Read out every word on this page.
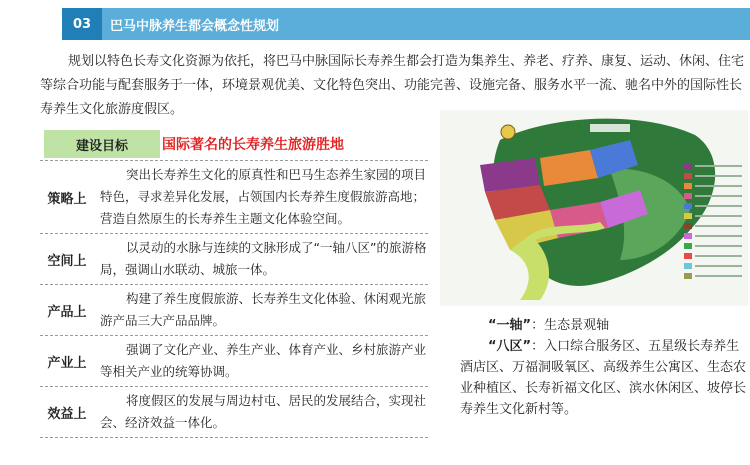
03	巴马中脉养生都会概念性规划

规划以特色长寿文化资源为依托，将巴马中脉国际长寿养生都会打造为集养生、养老、疗养、康复、运动、休闲、住宅等综合功能与配套服务于一体，环境景观优美、文化特色突出、功能完善、设施完备、服务水平一流、驰名中外的国际性长寿养生文化旅游度假区。

建设目标	国际著名的长寿养生旅游胜地
策略上
突出长寿养生文化的原真性和巴马生态养生家园的项目特色，寻求差异化发展，占领国内长寿养生度假旅游高地；营造自然原生的长寿养生主题文化体验空间。
空间上
以灵动的水脉与连续的文脉形成了“一轴八区”的旅游格局，强调山水联动、城旅一体。
产品上
构建了养生度假旅游、长寿养生文化体验、休闲观光旅游产品三大产品品牌。
产业上
强调了文化产业、养生产业、体育产业、乡村旅游产业等相关产业的统筹协调。
效益上
将度假区的发展与周边村屯、居民的发展结合，实现社会、经济效益一体化。

“一轴”：生态景观轴

“八区”：入口综合服务区、五星级长寿养生酒店区、万福洞吸氧区、高级养生公寓区、生态农业种植区、长寿祈福文化区、滨水休闲区、坡停长寿养生文化新村等。
